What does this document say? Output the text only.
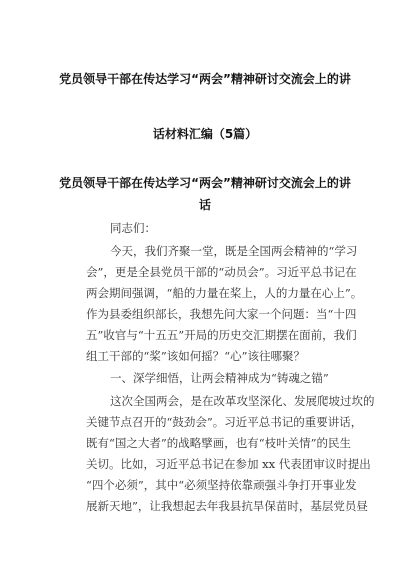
党员领导干部在传达学习“两会”精神研讨交流会上的讲
话材料汇编（5篇）
党员领导干部在传达学习“两会”精神研讨交流会上的讲
话
同志们：
今天，我们齐聚一堂，既是全国两会精神的“学习
会”，更是全县党员干部的“动员会”。习近平总书记在
两会期间强调，“船的力量在桨上，人的力量在心上”。
作为县委组织部长，我想先问大家一个问题：当“十四
五”收官与“十五五”开局的历史交汇期摆在面前，我们
组工干部的“桨”该如何摇？“心”该往哪聚？
一、深学细悟，让两会精神成为“铸魂之锚”
这次全国两会，是在改革攻坚深化、发展爬坡过坎的
关键节点召开的“鼓劲会”。习近平总书记的重要讲话，
既有“国之大者”的战略擘画，也有“枝叶关情”的民生
关切。比如，习近平总书记在参加 xx 代表团审议时提出
“四个必须”，其中“必须坚持依靠顽强斗争打开事业发
展新天地”，让我想起去年我县抗旱保苗时，基层党员昼
